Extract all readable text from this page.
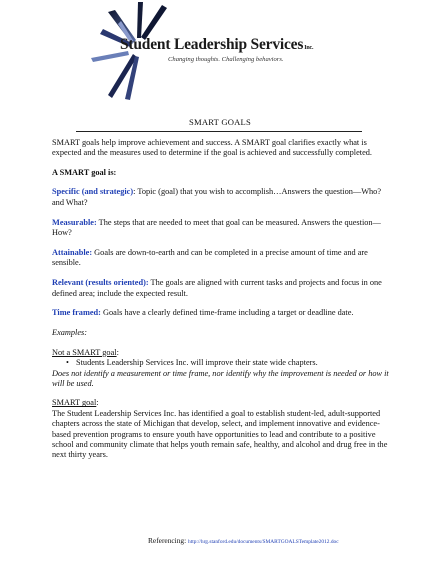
Student Leadership ServicesInc.
Changing thoughts. Challenging behaviors.
SMART GOALS

SMART goals help improve achievement and success. A SMART goal clarifies exactly what is expected and the measures used to determine if the goal is achieved and successfully completed.

A SMART goal is:

Specific (and strategic): Topic (goal) that you wish to accomplish…Answers the question—Who? and What?

Measurable: The steps that are needed to meet that goal can be measured. Answers the question—How?

Attainable: Goals are down-to-earth and can be completed in a precise amount of time and are sensible.

Relevant (results oriented): The goals are aligned with current tasks and projects and focus in one defined area; include the expected result.

Time framed: Goals have a clearly defined time-frame including a target or deadline date.

Examples:

Not a SMART goal:

• Students Leadership Services Inc. will improve their state wide chapters.

Does not identify a measurement or time frame, nor identify why the improvement is needed or how it will be used.

SMART goal:

The Student Leadership Services Inc. has identified a goal to establish student-led, adult-supported chapters across the state of Michigan that develop, select, and implement innovative and evidence-based prevention programs to ensure youth have opportunities to lead and contribute to a positive school and community climate that helps youth remain safe, healthy, and alcohol and drug free in the next thirty years.

Referencing: http://hrg.stanford.edu/documents/SMARTGOALSTemplate2012.doc
